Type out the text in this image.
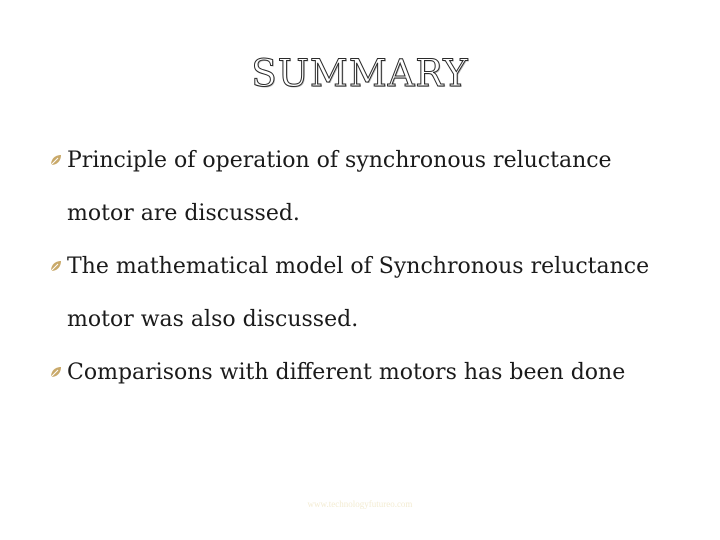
SUMMARY
Principle of operation of synchronous reluctance
motor are discussed.
The mathematical model of Synchronous reluctance
motor was also discussed.
Comparisons with different motors has been done
www.technologyfutureo.com
